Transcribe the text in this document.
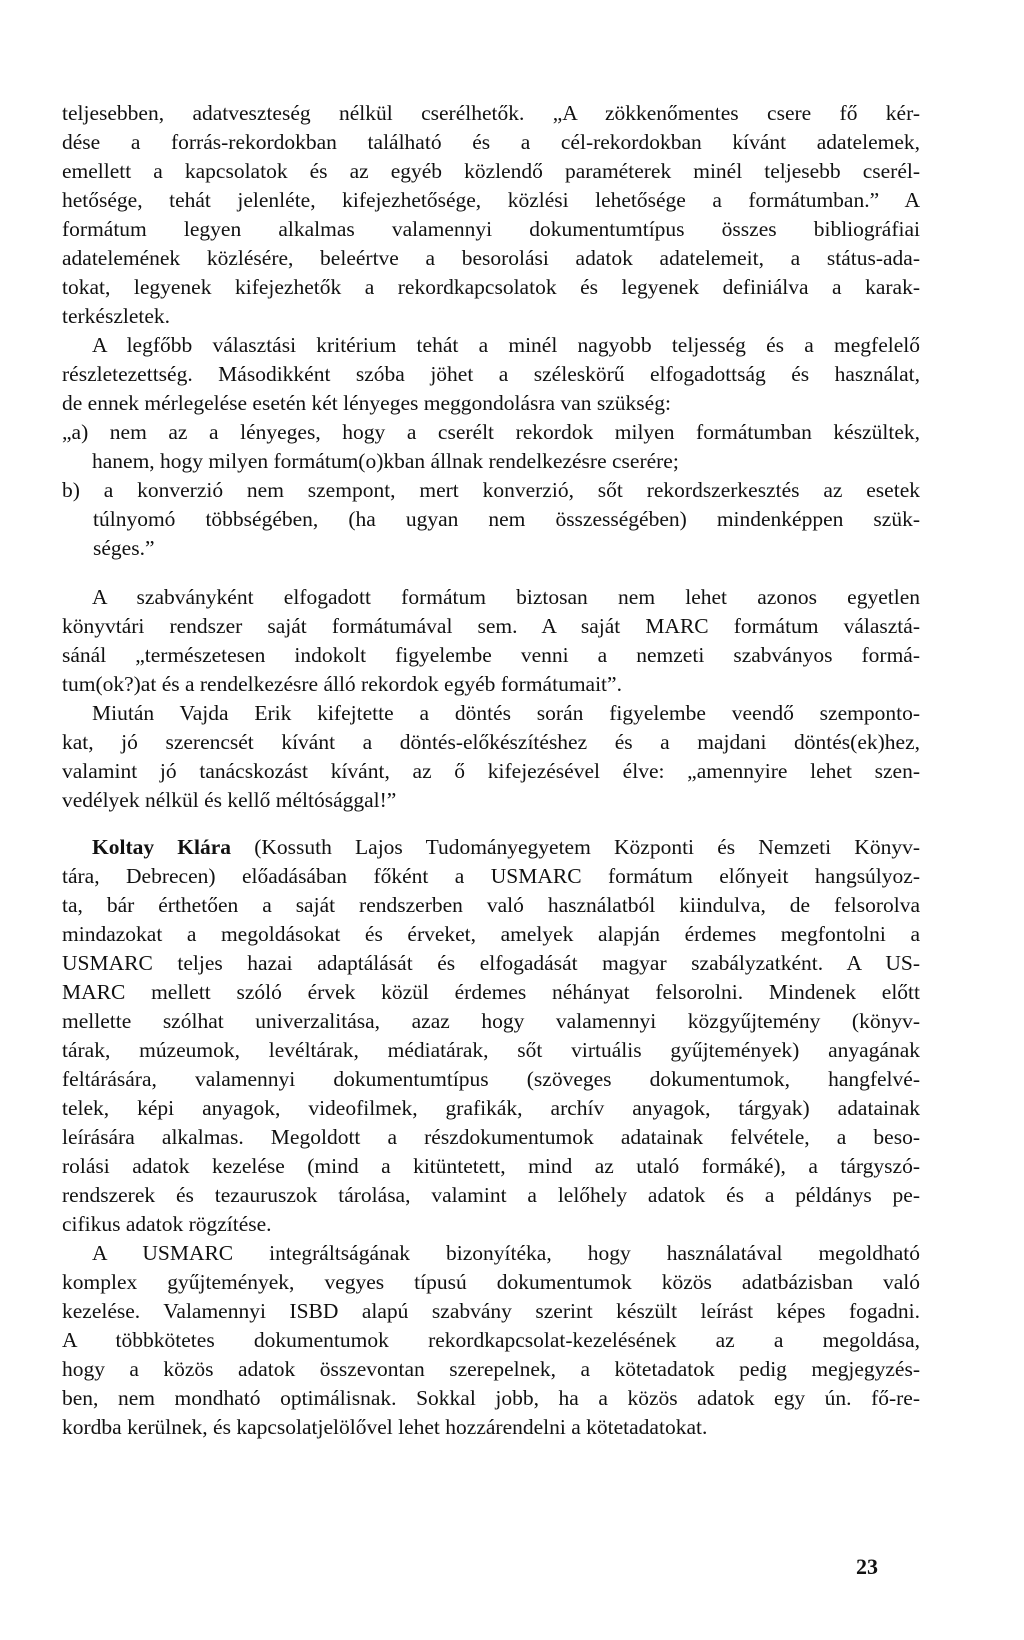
teljesebben, adatveszteség nélkül cserélhetők. „A zökkenőmentes csere fő kér-
dése a forrás-rekordokban található és a cél-rekordokban kívánt adatelemek,
emellett a kapcsolatok és az egyéb közlendő paraméterek minél teljesebb cserél-
hetősége, tehát jelenléte, kifejezhetősége, közlési lehetősége a formátumban.” A
formátum legyen alkalmas valamennyi dokumentumtípus összes bibliográfiai
adatelemének közlésére, beleértve a besorolási adatok adatelemeit, a státus-ada-
tokat, legyenek kifejezhetők a rekordkapcsolatok és legyenek definiálva a karak-
terkészletek.
A legfőbb választási kritérium tehát a minél nagyobb teljesség és a megfelelő
részletezettség. Másodikként szóba jöhet a széleskörű elfogadottság és használat,
de ennek mérlegelése esetén két lényeges meggondolásra van szükség:
„a) nem az a lényeges, hogy a cserélt rekordok milyen formátumban készültek,
hanem, hogy milyen formátum(o)kban állnak rendelkezésre cserére;
b) a konverzió nem szempont, mert konverzió, sőt rekordszerkesztés az esetek
túlnyomó többségében, (ha ugyan nem összességében) mindenképpen szük-
séges.”
A szabványként elfogadott formátum biztosan nem lehet azonos egyetlen
könyvtári rendszer saját formátumával sem. A saját MARC formátum választá-
sánál „természetesen indokolt figyelembe venni a nemzeti szabványos formá-
tum(ok?)at és a rendelkezésre álló rekordok egyéb formátumait”.
Miután Vajda Erik kifejtette a döntés során figyelembe veendő szemponto-
kat, jó szerencsét kívánt a döntés-előkészítéshez és a majdani döntés(ek)hez,
valamint jó tanácskozást kívánt, az ő kifejezésével élve: „amennyire lehet szen-
vedélyek nélkül és kellő méltósággal!”
Koltay Klára (Kossuth Lajos Tudományegyetem Központi és Nemzeti Könyv-
tára, Debrecen) előadásában főként a USMARC formátum előnyeit hangsúlyoz-
ta, bár érthetően a saját rendszerben való használatból kiindulva, de felsorolva
mindazokat a megoldásokat és érveket, amelyek alapján érdemes megfontolni a
USMARC teljes hazai adaptálását és elfogadását magyar szabályzatként. A US-
MARC mellett szóló érvek közül érdemes néhányat felsorolni. Mindenek előtt
mellette szólhat univerzalitása, azaz hogy valamennyi közgyűjtemény (könyv-
tárak, múzeumok, levéltárak, médiatárak, sőt virtuális gyűjtemények) anyagának
feltárására, valamennyi dokumentumtípus (szöveges dokumentumok, hangfelvé-
telek, képi anyagok, videofilmek, grafikák, archív anyagok, tárgyak) adatainak
leírására alkalmas. Megoldott a részdokumentumok adatainak felvétele, a beso-
rolási adatok kezelése (mind a kitüntetett, mind az utaló formáké), a tárgyszó-
rendszerek és tezauruszok tárolása, valamint a lelőhely adatok és a példánys pe-
cifikus adatok rögzítése.
A USMARC integráltságának bizonyítéka, hogy használatával megoldható
komplex gyűjtemények, vegyes típusú dokumentumok közös adatbázisban való
kezelése. Valamennyi ISBD alapú szabvány szerint készült leírást képes fogadni.
A többkötetes dokumentumok rekordkapcsolat-kezelésének az a megoldása,
hogy a közös adatok összevontan szerepelnek, a kötetadatok pedig megjegyzés-
ben, nem mondható optimálisnak. Sokkal jobb, ha a közös adatok egy ún. fő-re-
kordba kerülnek, és kapcsolatjelölővel lehet hozzárendelni a kötetadatokat.
23
